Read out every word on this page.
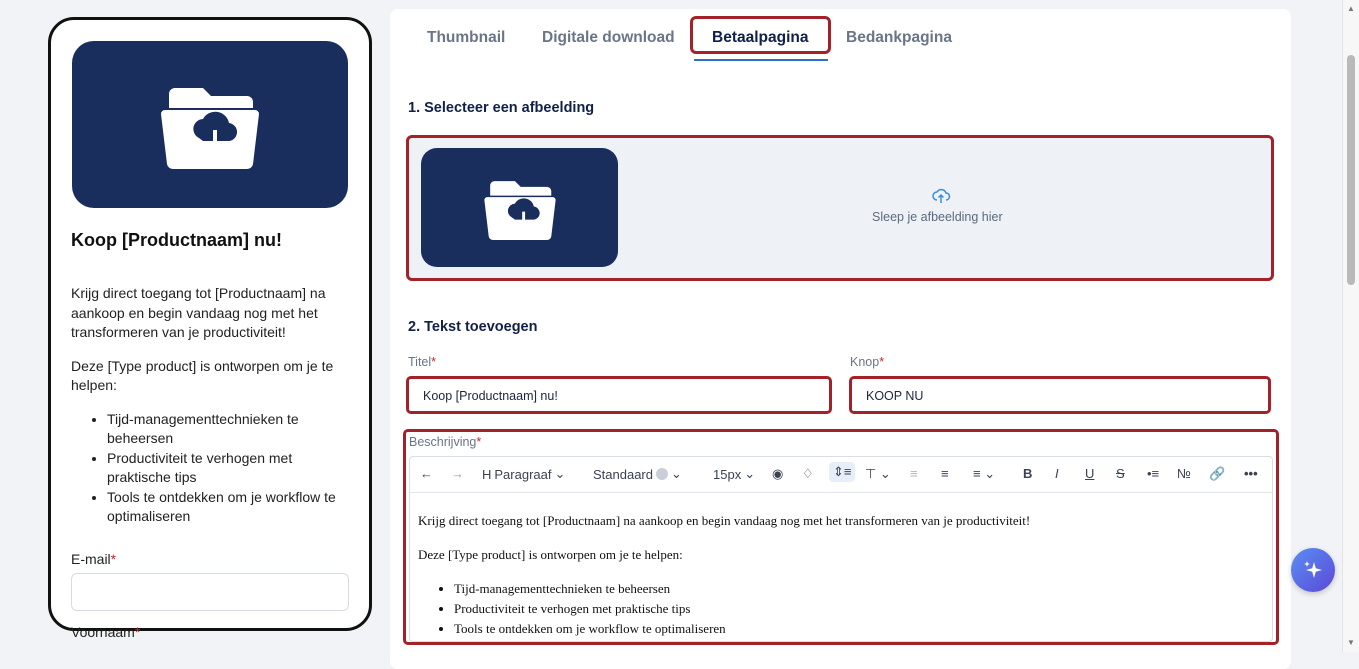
Koop [Productnaam] nu!

Krijg direct toegang tot [Productnaam] na aankoop en begin vandaag nog met het transformeren van je productiviteit!

Deze [Type product] is ontworpen om je te helpen:

• Tijd-managementtechnieken te beheersen
• Productiviteit te verhogen met praktische tips
• Tools te ontdekken om je workflow te optimaliseren
E-mail*
Voornaam*
Thumbnail Digitale download Betaalpagina Bedankpagina
1. Selecteer een afbeelding
Sleep je afbeelding hier
2. Tekst toevoegen
Titel*
Koop [Productnaam] nu!
Knop*
KOOP NU
Beschrijving*
← → H Paragraaf ⌄ Standaard ⌄ 15px ⌄ ◉ ♢	⇕≡	⊤ ⌄ ≡ ≡ ≡ ⌄ B I U S •≡ № 🔗 •••

Krijg direct toegang tot [Productnaam] na aankoop en begin vandaag nog met het transformeren van je productiviteit!

Deze [Type product] is ontworpen om je te helpen:

• Tijd-managementtechnieken te beheersen
• Productiviteit te verhogen met praktische tips
• Tools te ontdekken om je workflow te optimaliseren
▲
▼
